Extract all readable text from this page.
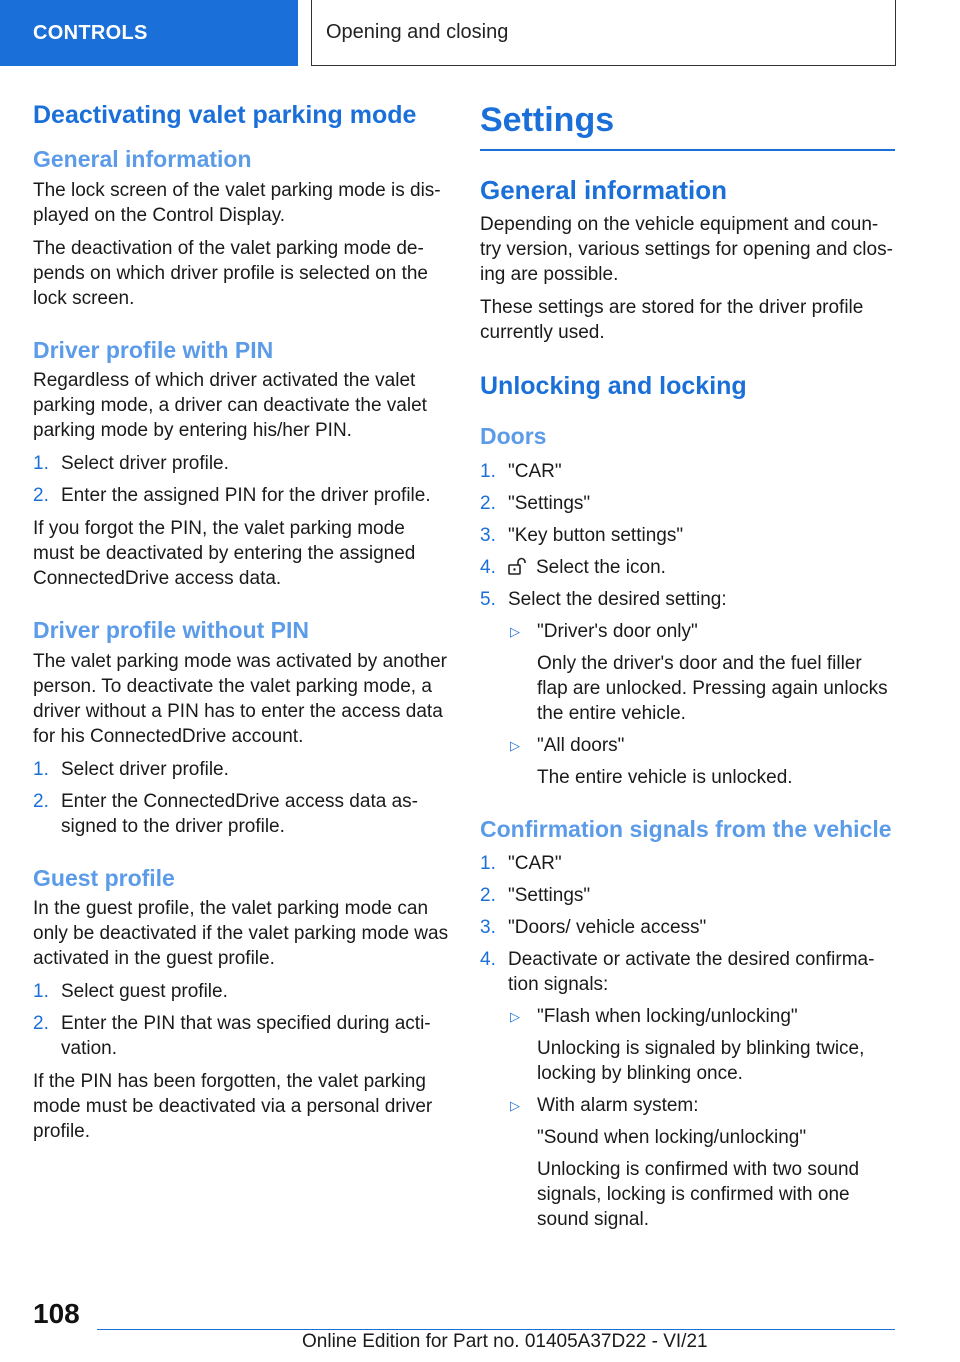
CONTROLS	Opening and closing
Deactivating valet parking mode
General information

The lock screen of the valet parking mode is dis-played on the Control Display.

The deactivation of the valet parking mode de-pends on which driver profile is selected on the lock screen.

Driver profile with PIN

Regardless of which driver activated the valet parking mode, a driver can deactivate the valet parking mode by entering his/her PIN.

1. Select driver profile.
2. Enter the assigned PIN for the driver profile.

If you forgot the PIN, the valet parking mode must be deactivated by entering the assigned ConnectedDrive access data.

Driver profile without PIN

The valet parking mode was activated by another person. To deactivate the valet parking mode, a driver without a PIN has to enter the access data for his ConnectedDrive account.

1. Select driver profile.
2. Enter the ConnectedDrive access data as-signed to the driver profile.
Guest profile

In the guest profile, the valet parking mode can only be deactivated if the valet parking mode was activated in the guest profile.

1. Select guest profile.
2. Enter the PIN that was specified during acti-vation.

If the PIN has been forgotten, the valet parking mode must be deactivated via a personal driver profile.

Settings
General information

Depending on the vehicle equipment and coun-try version, various settings for opening and clos-ing are possible.

These settings are stored for the driver profile currently used.

Unlocking and locking
Doors
1. "CAR"
2. "Settings"
3. "Key button settings"
4. Select the icon.
5. Select the desired setting:
▷ "Driver's door only"
Only the driver's door and the fuel filler flap are unlocked. Pressing again unlocks the entire vehicle.
▷ "All doors"
The entire vehicle is unlocked.
Confirmation signals from the vehicle
1. "CAR"
2. "Settings"
3. "Doors/ vehicle access"
4. Deactivate or activate the desired confirma-tion signals:
▷ "Flash when locking/unlocking"
Unlocking is signaled by blinking twice, locking by blinking once.
▷ With alarm system:
"Sound when locking/unlocking"
Unlocking is confirmed with two sound signals, locking is confirmed with one sound signal.
108
Online Edition for Part no. 01405A37D22 - VI/21
